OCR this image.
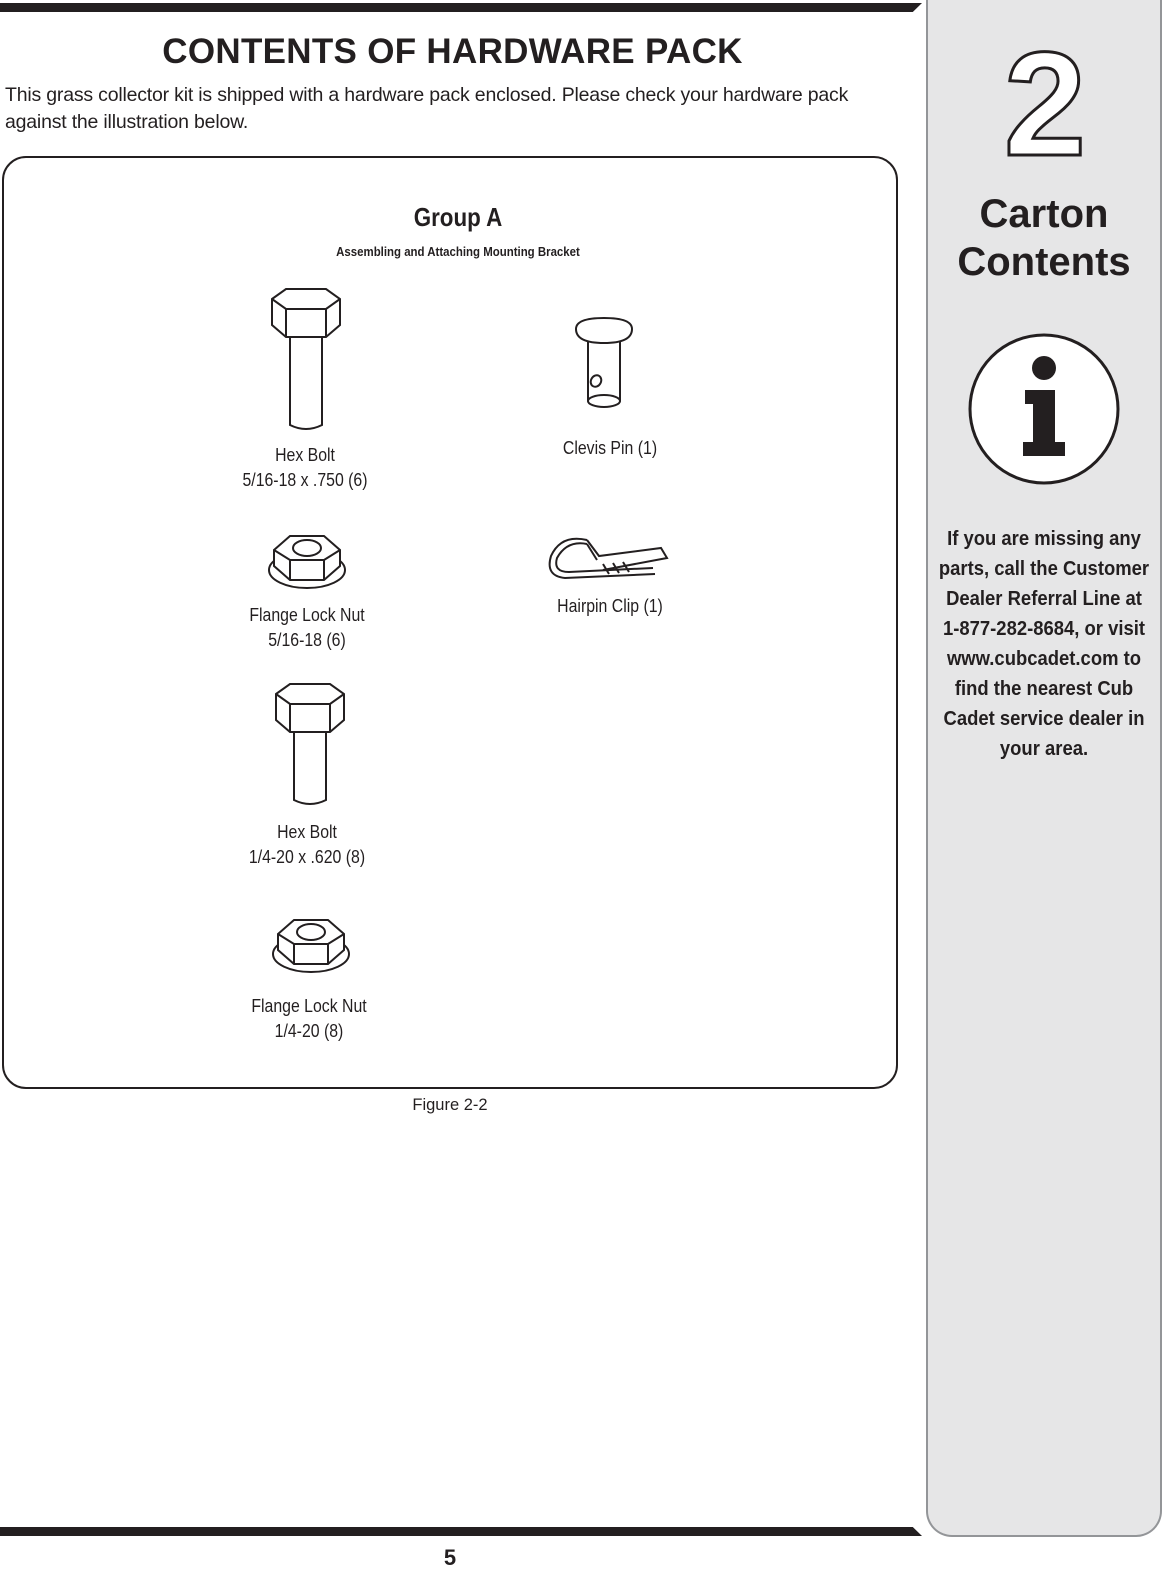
CONTENTS OF HARDWARE PACK

This grass collector kit is shipped with a hardware pack enclosed. Please check your hardware pack against the illustration below.

Group A
Assembling and Attaching Mounting Bracket
Hex Bolt
5/16-18 x .750 (6)
Clevis Pin (1)
Flange Lock Nut
5/16-18 (6)
Hairpin Clip (1)
Hex Bolt
1/4-20 x .620 (8)
Flange Lock Nut
1/4-20 (8)
Figure 2-2
5
2
Carton
Contents
If you are missing any parts, call the Customer Dealer Referral Line at 1-877-282-8684, or visit www.cubcadet.com to find the nearest Cub Cadet service dealer in your area.
